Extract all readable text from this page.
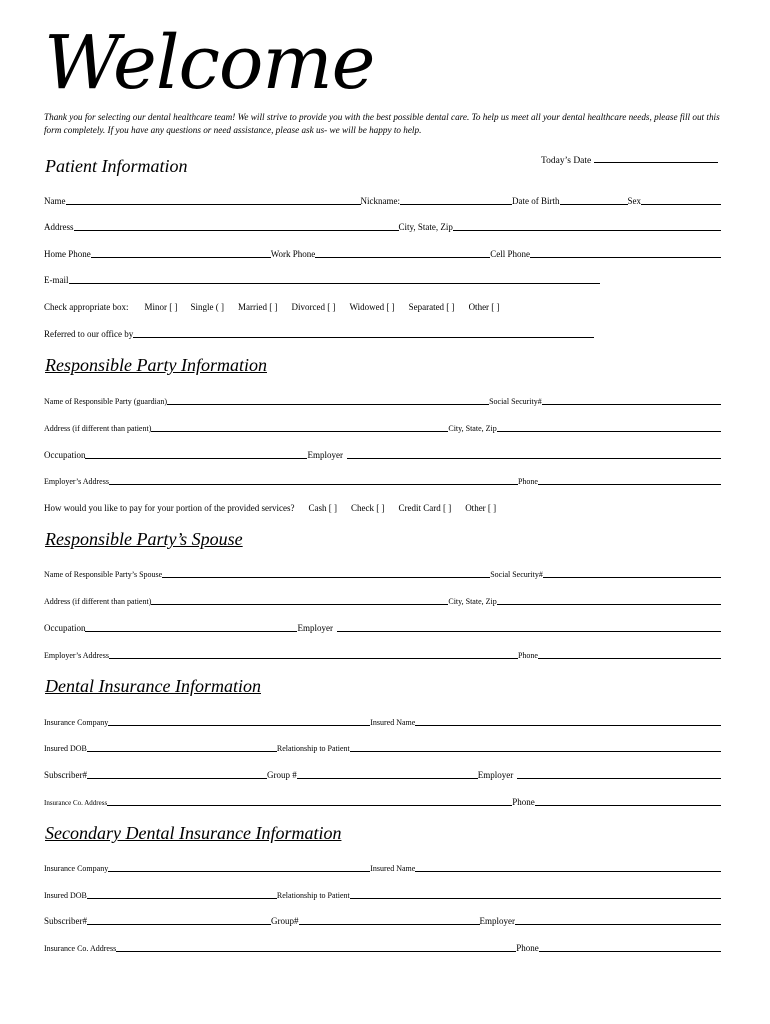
Welcome
Thank you for selecting our dental healthcare team! We will strive to provide you with the best possible dental care. To help us meet all your dental healthcare needs, please fill out this form completely. If you have any questions or need assistance, please ask us- we will be happy to help.
Patient Information	Today’s Date
Name	Nickname:	Date of Birth	Sex
Address	City, State, Zip
Home Phone	Work Phone	Cell Phone
E-mail
Check appropriate box: Minor [ ] Single ( ] Married [ ] Divorced [ ] Widowed [ ] Separated [ ] Other [ ]
Referred to our office by
Responsible Party Information
Name of Responsible Party (guardian)	Social Security#
Address (if different than patient)	City, State, Zip
Occupation	Employer
Employer’s Address	Phone
How would you like to pay for your portion of the provided services? Cash [ ] Check [ ] Credit Card [ ] Other [ ]
Responsible Party’s Spouse
Name of Responsible Party’s Spouse	Social Security#
Address (if different than patient)	City, State, Zip
Occupation	Employer
Employer’s Address	Phone
Dental Insurance Information
Insurance Company	Insured Name
Insured DOB	Relationship to Patient
Subscriber#	Group #	Employer
Insurance Co. Address	Phone
Secondary Dental Insurance Information
Insurance Company	Insured Name
Insured DOB	Relationship to Patient
Subscriber#	Group#	Employer
Insurance Co. Address	Phone
